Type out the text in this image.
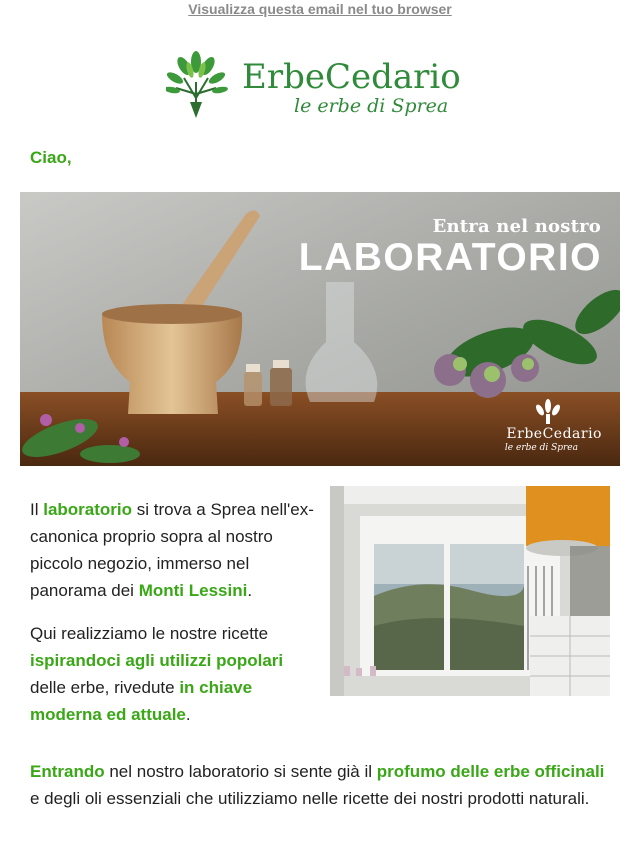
Visualizza questa email nel tuo browser
ErbeCedario
le erbe di Sprea
Ciao,
Entra nel nostro
LABORATORIO
ErbeCedario
le erbe di Sprea

Il laboratorio si trova a Sprea nell'ex-canonica proprio sopra al nostro piccolo negozio, immerso nel panorama dei Monti Lessini.

Qui realizziamo le nostre ricette ispirandoci agli utilizzi popolari delle erbe, rivedute in chiave moderna ed attuale.

Entrando nel nostro laboratorio si sente già il profumo delle erbe officinali e degli oli essenziali che utilizziamo nelle ricette dei nostri prodotti naturali.
